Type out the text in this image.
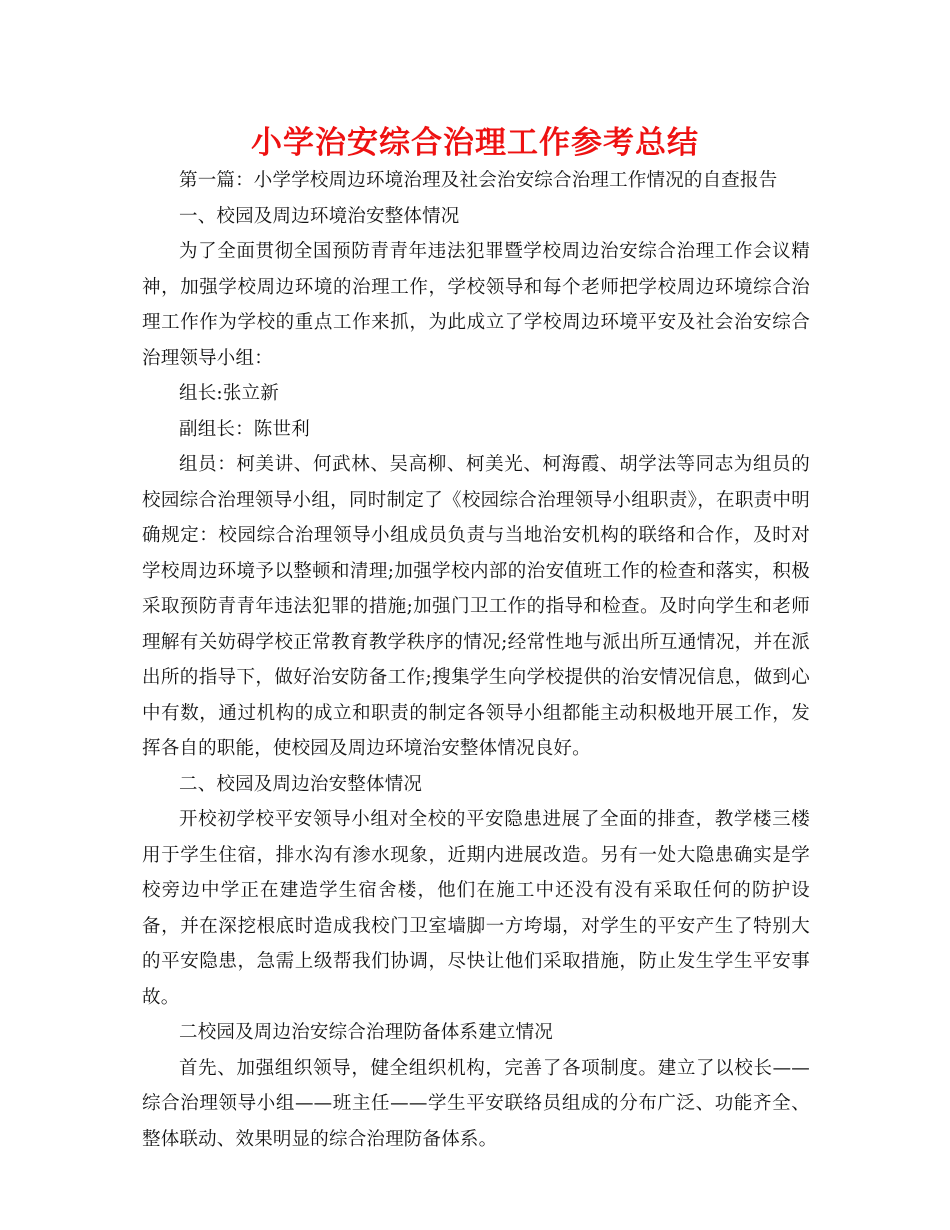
小学治安综合治理工作参考总结

第一篇：小学学校周边环境治理及社会治安综合治理工作情况的自查报告

一、校园及周边环境治安整体情况

为了全面贯彻全国预防青青年违法犯罪暨学校周边治安综合治理工作会议精神，加强学校周边环境的治理工作，学校领导和每个老师把学校周边环境综合治理工作作为学校的重点工作来抓，为此成立了学校周边环境平安及社会治安综合治理领导小组：

组长:张立新

副组长：陈世利

组员：柯美讲、何武林、吴高柳、柯美光、柯海霞、胡学法等同志为组员的校园综合治理领导小组，同时制定了《校园综合治理领导小组职责》，在职责中明确规定：校园综合治理领导小组成员负责与当地治安机构的联络和合作，及时对学校周边环境予以整顿和清理;加强学校内部的治安值班工作的检查和落实，积极采取预防青青年违法犯罪的措施;加强门卫工作的指导和检查。及时向学生和老师理解有关妨碍学校正常教育教学秩序的情况;经常性地与派出所互通情况，并在派出所的指导下，做好治安防备工作;搜集学生向学校提供的治安情况信息，做到心中有数，通过机构的成立和职责的制定各领导小组都能主动积极地开展工作，发挥各自的职能，使校园及周边环境治安整体情况良好。

二、校园及周边治安整体情况

开校初学校平安领导小组对全校的平安隐患进展了全面的排查，教学楼三楼用于学生住宿，排水沟有渗水现象，近期内进展改造。另有一处大隐患确实是学校旁边中学正在建造学生宿舍楼，他们在施工中还没有没有采取任何的防护设备，并在深挖根底时造成我校门卫室墙脚一方垮塌，对学生的平安产生了特别大的平安隐患，急需上级帮我们协调，尽快让他们采取措施，防止发生学生平安事故。

二校园及周边治安综合治理防备体系建立情况

首先、加强组织领导，健全组织机构，完善了各项制度。建立了以校长——综合治理领导小组——班主任——学生平安联络员组成的分布广泛、功能齐全、整体联动、效果明显的综合治理防备体系。
